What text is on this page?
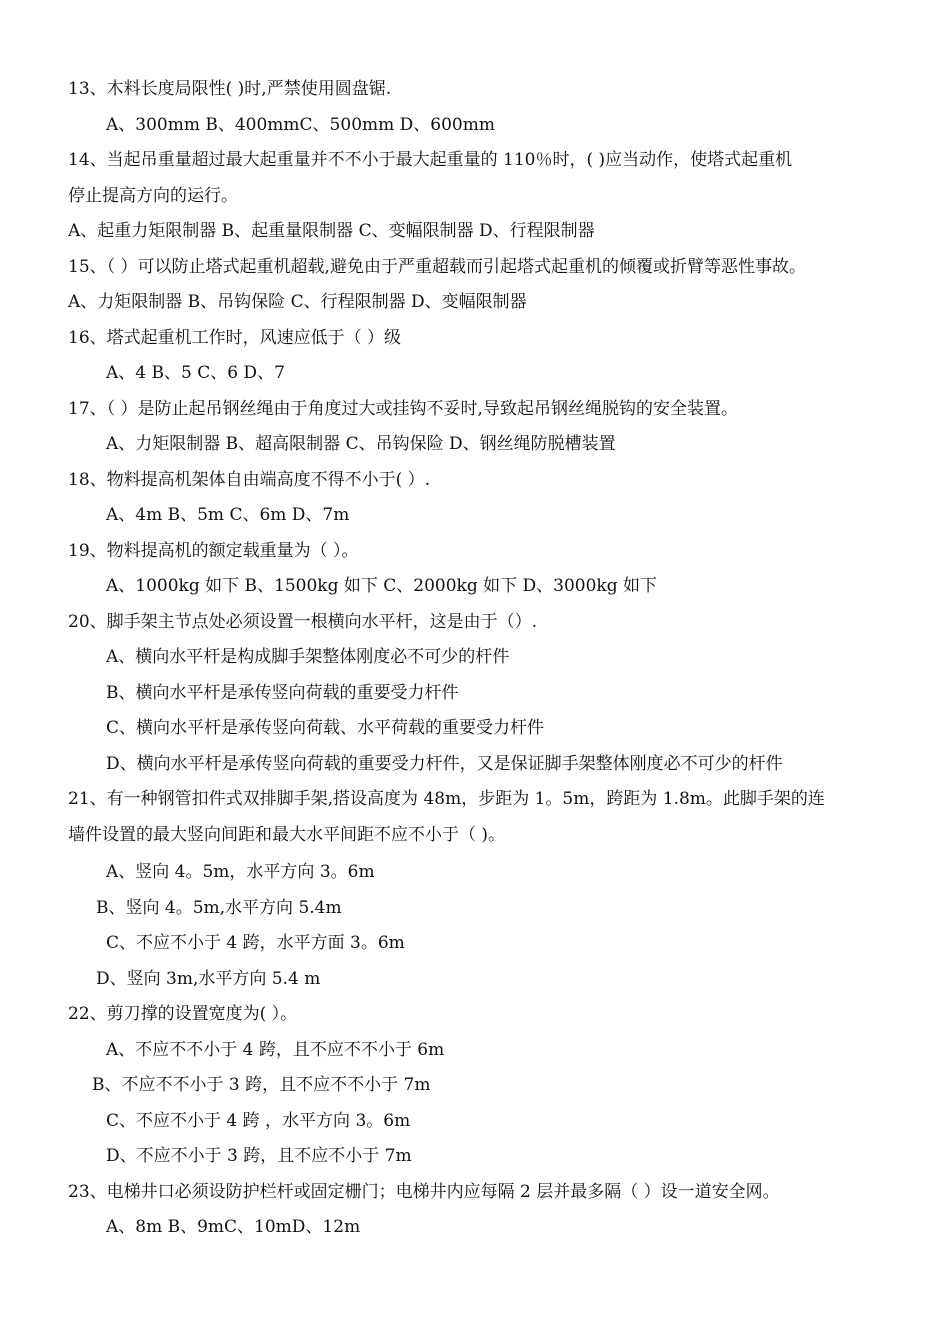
13、木料长度局限性( )时,严禁使用圆盘锯.
A、300mm B、400mmC、500mm D、600mm
14、当起吊重量超过最大起重量并不不小于最大起重量的 110％时，( )应当动作，使塔式起重机
停止提高方向的运行。
A、起重力矩限制器 B、起重量限制器 C、变幅限制器 D、行程限制器
15、（ ）可以防止塔式起重机超载,避免由于严重超载而引起塔式起重机的倾覆或折臂等恶性事故。
A、力矩限制器 B、吊钩保险 C、行程限制器 D、变幅限制器
16、塔式起重机工作时，风速应低于（ ）级
A、4 B、5 C、6 D、7
17、（ ）是防止起吊钢丝绳由于角度过大或挂钩不妥时,导致起吊钢丝绳脱钩的安全装置。
A、力矩限制器 B、超高限制器 C、吊钩保险 D、钢丝绳防脱槽装置
18、物料提高机架体自由端高度不得不小于( ）.
A、4m B、5m C、6m D、7m
19、物料提高机的额定载重量为（ ）。
A、1000kg 如下 B、1500kg 如下 C、2000kg 如下 D、3000kg 如下
20、脚手架主节点处必须设置一根横向水平杆，这是由于（）.
A、横向水平杆是构成脚手架整体刚度必不可少的杆件
B、横向水平杆是承传竖向荷载的重要受力杆件
C、横向水平杆是承传竖向荷载、水平荷载的重要受力杆件
D、横向水平杆是承传竖向荷载的重要受力杆件，又是保证脚手架整体刚度必不可少的杆件
21、有一种钢管扣件式双排脚手架,搭设高度为 48m，步距为 1。5m，跨距为 1.8m。此脚手架的连
墙件设置的最大竖向间距和最大水平间距不应不小于（ )。
A、竖向 4。5m，水平方向 3。6m
B、竖向 4。5m,水平方向 5.4m
C、不应不小于 4 跨，水平方面 3。6m
D、竖向 3m,水平方向 5.4 m
22、剪刀撑的设置宽度为( ）。
A、不应不不小于 4 跨，且不应不不小于 6m
B、不应不不小于 3 跨，且不应不不小于 7m
C、不应不小于 4 跨 ，水平方向 3。6m
D、不应不小于 3 跨，且不应不小于 7m
23、电梯井口必须设防护栏杆或固定栅门；电梯井内应每隔 2 层并最多隔（ ）设一道安全网。
A、8m B、9mC、10mD、12m
